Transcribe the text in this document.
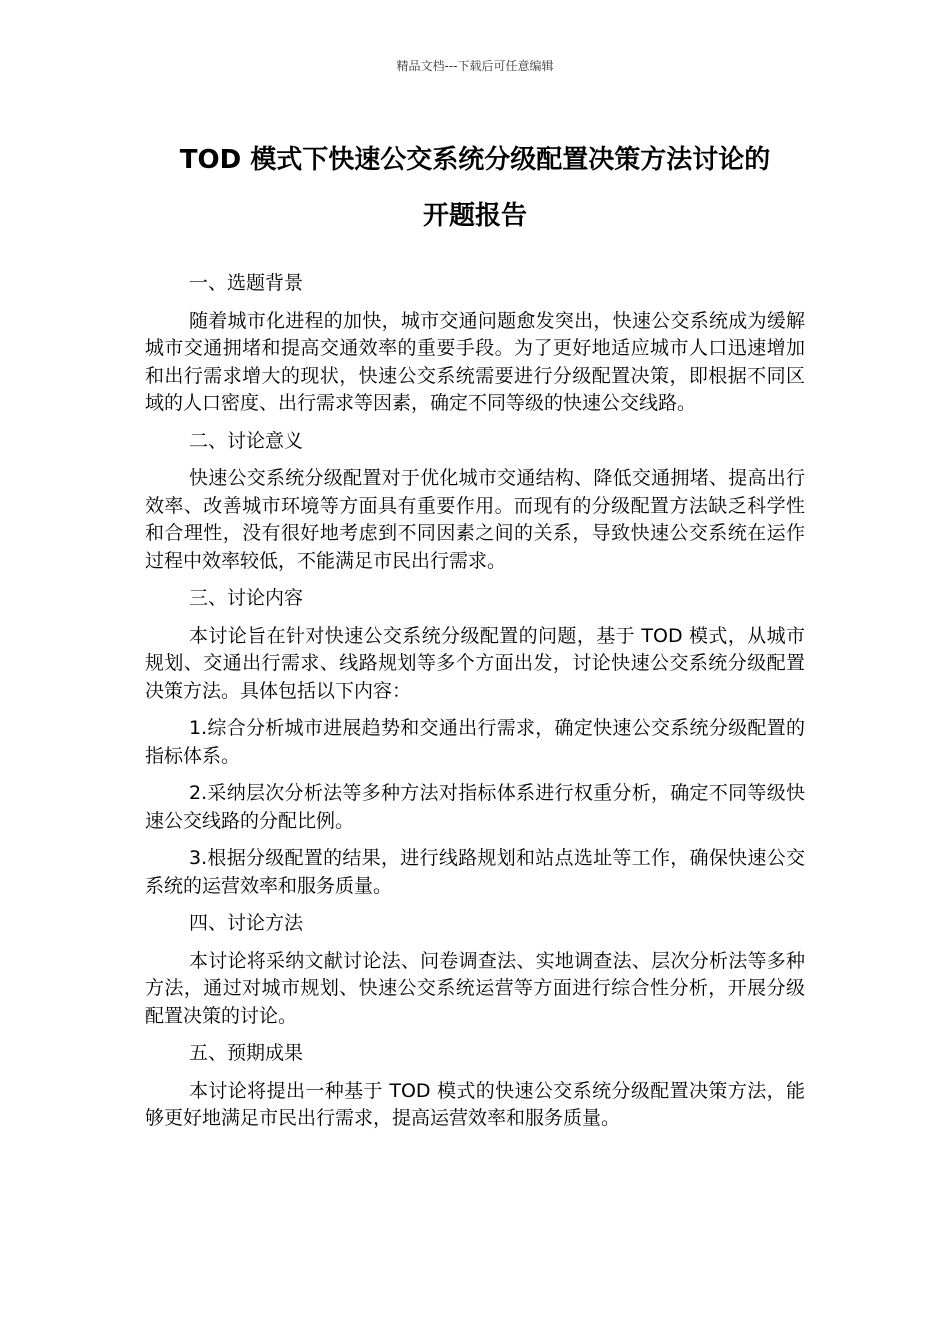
精品文档---下载后可任意编辑
TOD 模式下快速公交系统分级配置决策方法讨论的
开题报告

一、选题背景

随着城市化进程的加快，城市交通问题愈发突出，快速公交系统成为缓解城市交通拥堵和提高交通效率的重要手段。为了更好地适应城市人口迅速增加和出行需求增大的现状，快速公交系统需要进行分级配置决策，即根据不同区域的人口密度、出行需求等因素，确定不同等级的快速公交线路。

二、讨论意义

快速公交系统分级配置对于优化城市交通结构、降低交通拥堵、提高出行效率、改善城市环境等方面具有重要作用。而现有的分级配置方法缺乏科学性和合理性，没有很好地考虑到不同因素之间的关系，导致快速公交系统在运作过程中效率较低，不能满足市民出行需求。

三、讨论内容

本讨论旨在针对快速公交系统分级配置的问题，基于 TOD 模式，从城市规划、交通出行需求、线路规划等多个方面出发，讨论快速公交系统分级配置决策方法。具体包括以下内容：

1.综合分析城市进展趋势和交通出行需求，确定快速公交系统分级配置的指标体系。

2.采纳层次分析法等多种方法对指标体系进行权重分析，确定不同等级快速公交线路的分配比例。

3.根据分级配置的结果，进行线路规划和站点选址等工作，确保快速公交系统的运营效率和服务质量。

四、讨论方法

本讨论将采纳文献讨论法、问卷调查法、实地调查法、层次分析法等多种方法，通过对城市规划、快速公交系统运营等方面进行综合性分析，开展分级配置决策的讨论。

五、预期成果

本讨论将提出一种基于 TOD 模式的快速公交系统分级配置决策方法，能够更好地满足市民出行需求，提高运营效率和服务质量。
